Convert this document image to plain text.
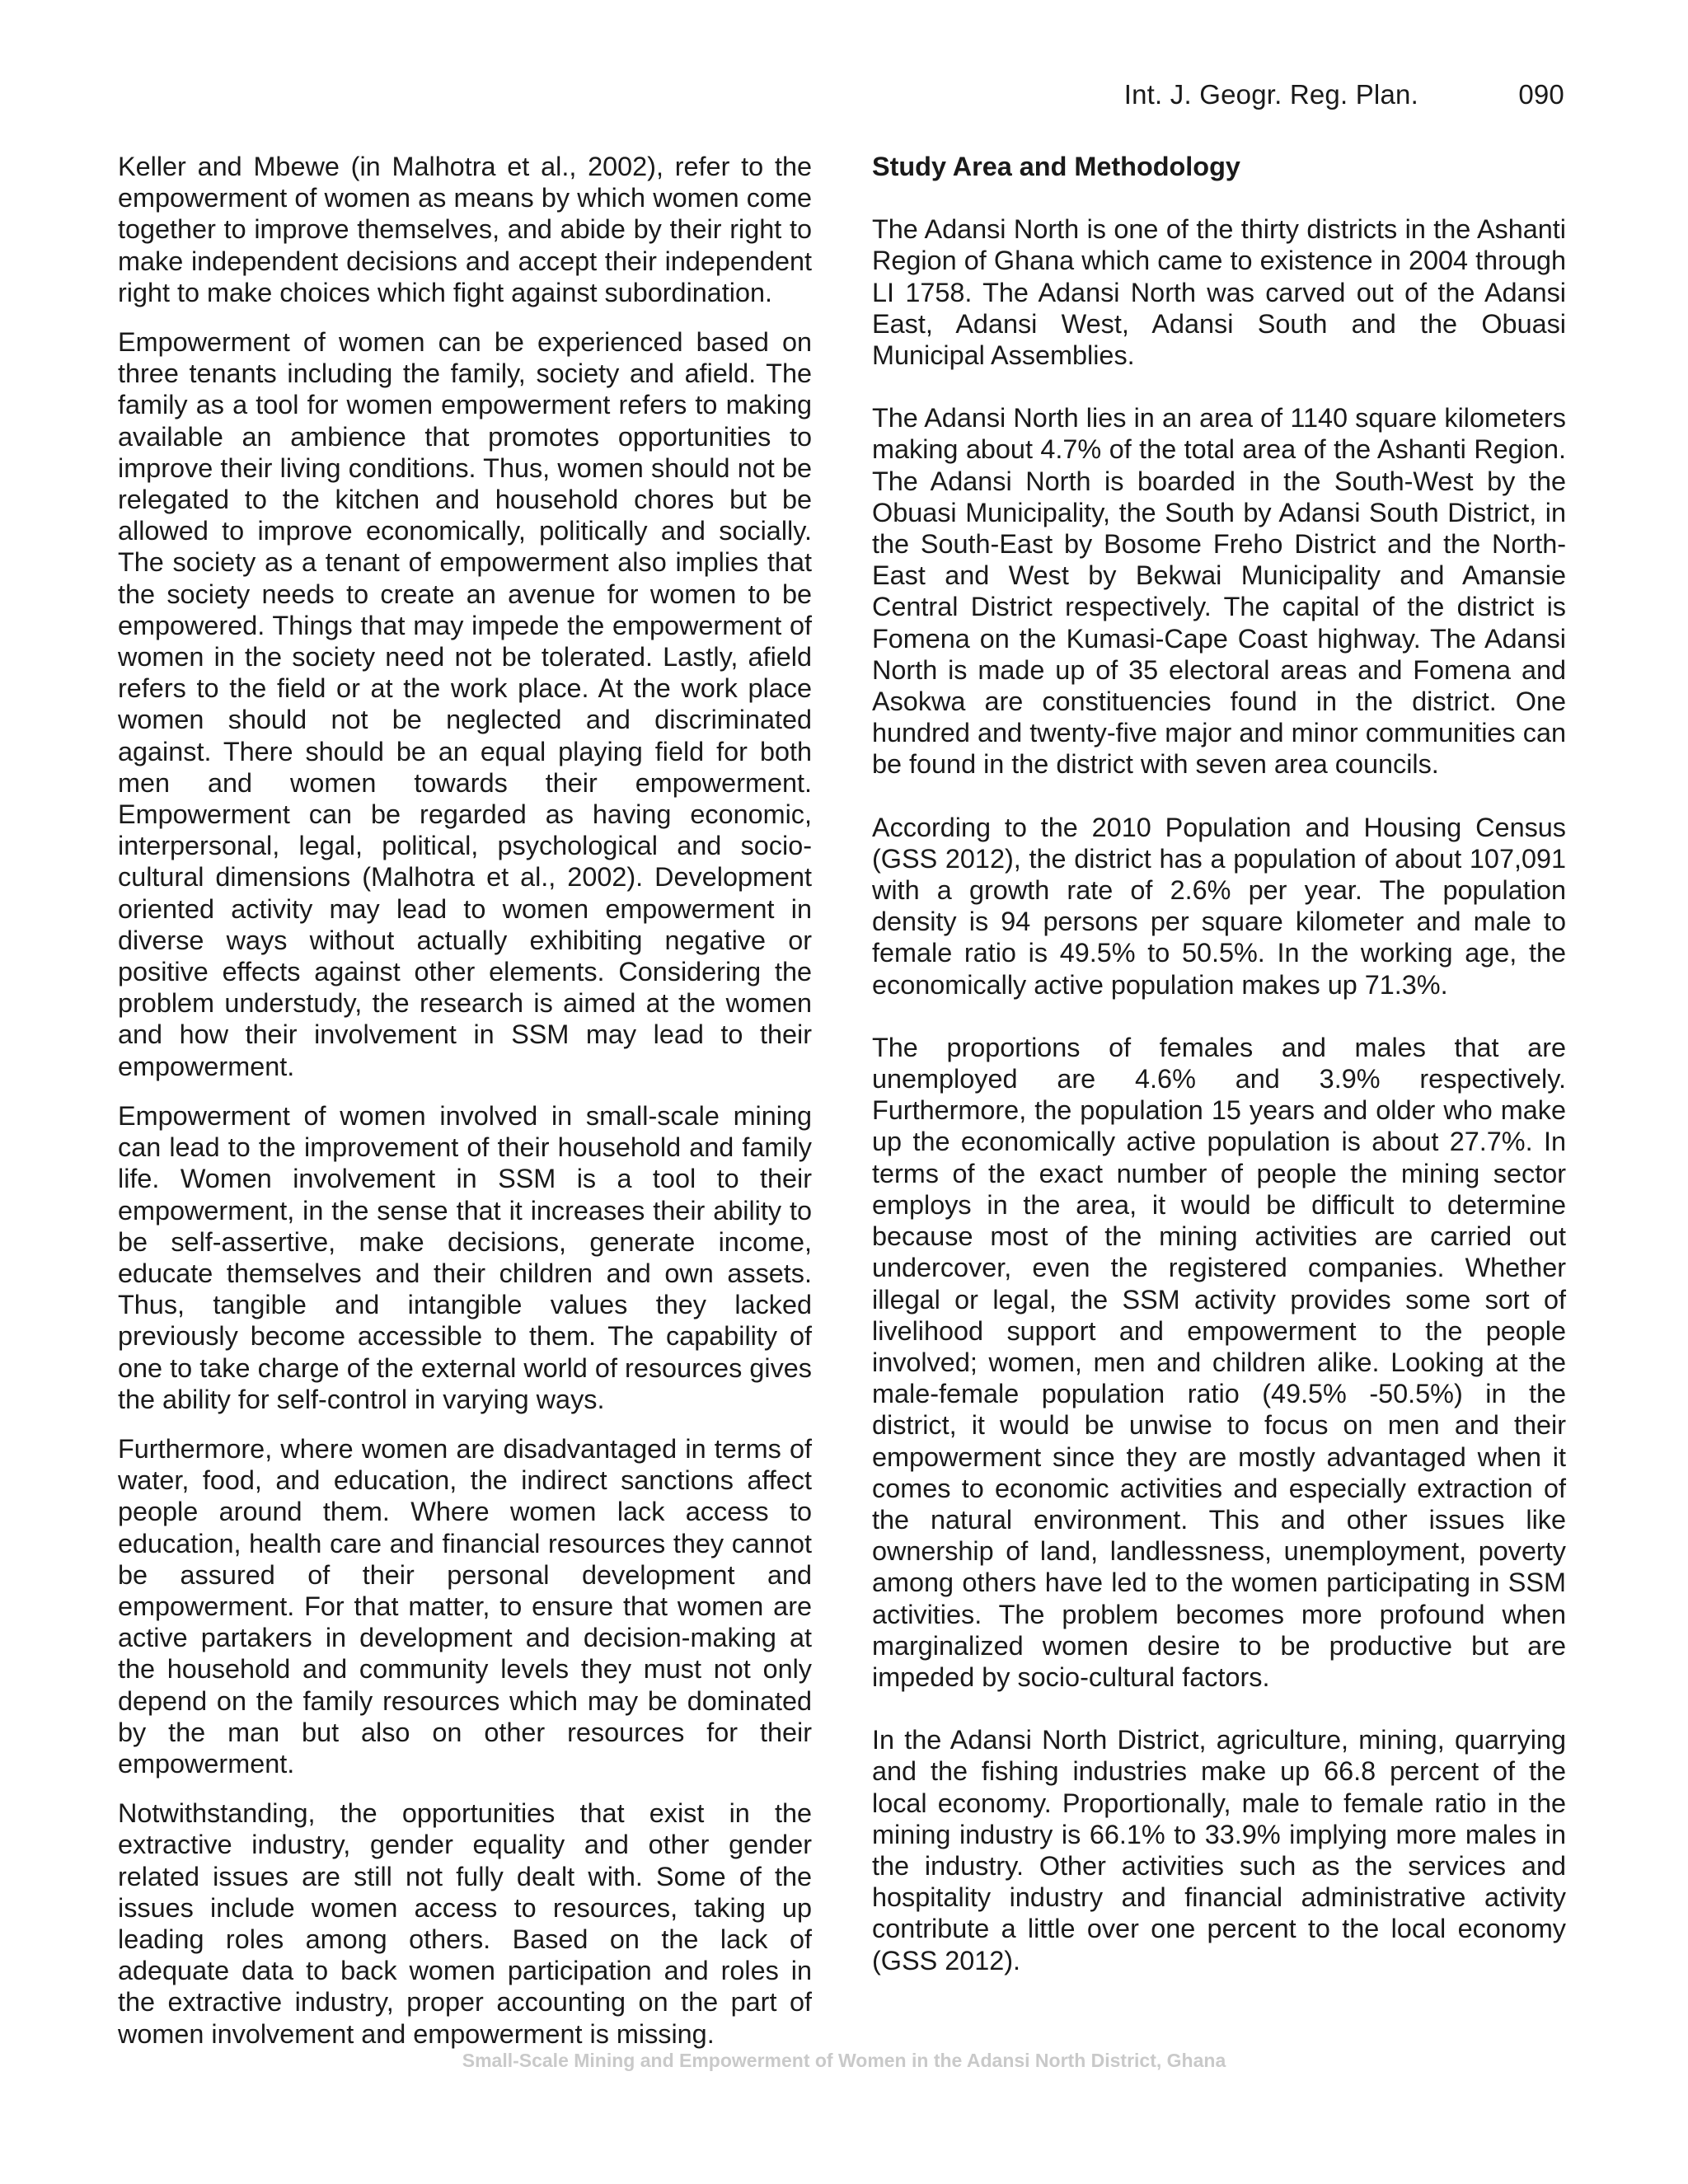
Int. J. Geogr. Reg. Plan.	090

Keller and Mbewe (in Malhotra et al., 2002), refer to the empowerment of women as means by which women come together to improve themselves, and abide by their right to make independent decisions and accept their independent right to make choices which fight against subordination.

Empowerment of women can be experienced based on three tenants including the family, society and afield. The family as a tool for women empowerment refers to making available an ambience that promotes opportunities to improve their living conditions. Thus, women should not be relegated to the kitchen and household chores but be allowed to improve economically, politically and socially. The society as a tenant of empowerment also implies that the society needs to create an avenue for women to be empowered. Things that may impede the empowerment of women in the society need not be tolerated. Lastly, afield refers to the field or at the work place. At the work place women should not be neglected and discriminated against. There should be an equal playing field for both men and women towards their empowerment. Empowerment can be regarded as having economic, interpersonal, legal, political, psychological and socio-cultural dimensions (Malhotra et al., 2002). Development oriented activity may lead to women empowerment in diverse ways without actually exhibiting negative or positive effects against other elements. Considering the problem understudy, the research is aimed at the women and how their involvement in SSM may lead to their empowerment.

Empowerment of women involved in small-scale mining can lead to the improvement of their household and family life. Women involvement in SSM is a tool to their empowerment, in the sense that it increases their ability to be self-assertive, make decisions, generate income, educate themselves and their children and own assets. Thus, tangible and intangible values they lacked previously become accessible to them. The capability of one to take charge of the external world of resources gives the ability for self-control in varying ways.

Furthermore, where women are disadvantaged in terms of water, food, and education, the indirect sanctions affect people around them. Where women lack access to education, health care and financial resources they cannot be assured of their personal development and empowerment. For that matter, to ensure that women are active partakers in development and decision-making at the household and community levels they must not only depend on the family resources which may be dominated by the man but also on other resources for their empowerment.

Notwithstanding, the opportunities that exist in the extractive industry, gender equality and other gender related issues are still not fully dealt with. Some of the issues include women access to resources, taking up leading roles among others. Based on the lack of adequate data to back women participation and roles in the extractive industry, proper accounting on the part of women involvement and empowerment is missing.

Study Area and Methodology

The Adansi North is one of the thirty districts in the Ashanti Region of Ghana which came to existence in 2004 through LI 1758. The Adansi North was carved out of the Adansi East, Adansi West, Adansi South and the Obuasi Municipal Assemblies.

The Adansi North lies in an area of 1140 square kilometers making about 4.7% of the total area of the Ashanti Region. The Adansi North is boarded in the South-West by the Obuasi Municipality, the South by Adansi South District, in the South-East by Bosome Freho District and the North-East and West by Bekwai Municipality and Amansie Central District respectively. The capital of the district is Fomena on the Kumasi-Cape Coast highway. The Adansi North is made up of 35 electoral areas and Fomena and Asokwa are constituencies found in the district. One hundred and twenty-five major and minor communities can be found in the district with seven area councils.

According to the 2010 Population and Housing Census (GSS 2012), the district has a population of about 107,091 with a growth rate of 2.6% per year. The population density is 94 persons per square kilometer and male to female ratio is 49.5% to 50.5%. In the working age, the economically active population makes up 71.3%.

The proportions of females and males that are unemployed are 4.6% and 3.9% respectively. Furthermore, the population 15 years and older who make up the economically active population is about 27.7%. In terms of the exact number of people the mining sector employs in the area, it would be difficult to determine because most of the mining activities are carried out undercover, even the registered companies. Whether illegal or legal, the SSM activity provides some sort of livelihood support and empowerment to the people involved; women, men and children alike. Looking at the male-female population ratio (49.5% -50.5%) in the district, it would be unwise to focus on men and their empowerment since they are mostly advantaged when it comes to economic activities and especially extraction of the natural environment. This and other issues like ownership of land, landlessness, unemployment, poverty among others have led to the women participating in SSM activities. The problem becomes more profound when marginalized women desire to be productive but are impeded by socio-cultural factors.

In the Adansi North District, agriculture, mining, quarrying and the fishing industries make up 66.8 percent of the local economy. Proportionally, male to female ratio in the mining industry is 66.1% to 33.9% implying more males in the industry. Other activities such as the services and hospitality industry and financial administrative activity contribute a little over one percent to the local economy (GSS 2012).

Small-Scale Mining and Empowerment of Women in the Adansi North District, Ghana
